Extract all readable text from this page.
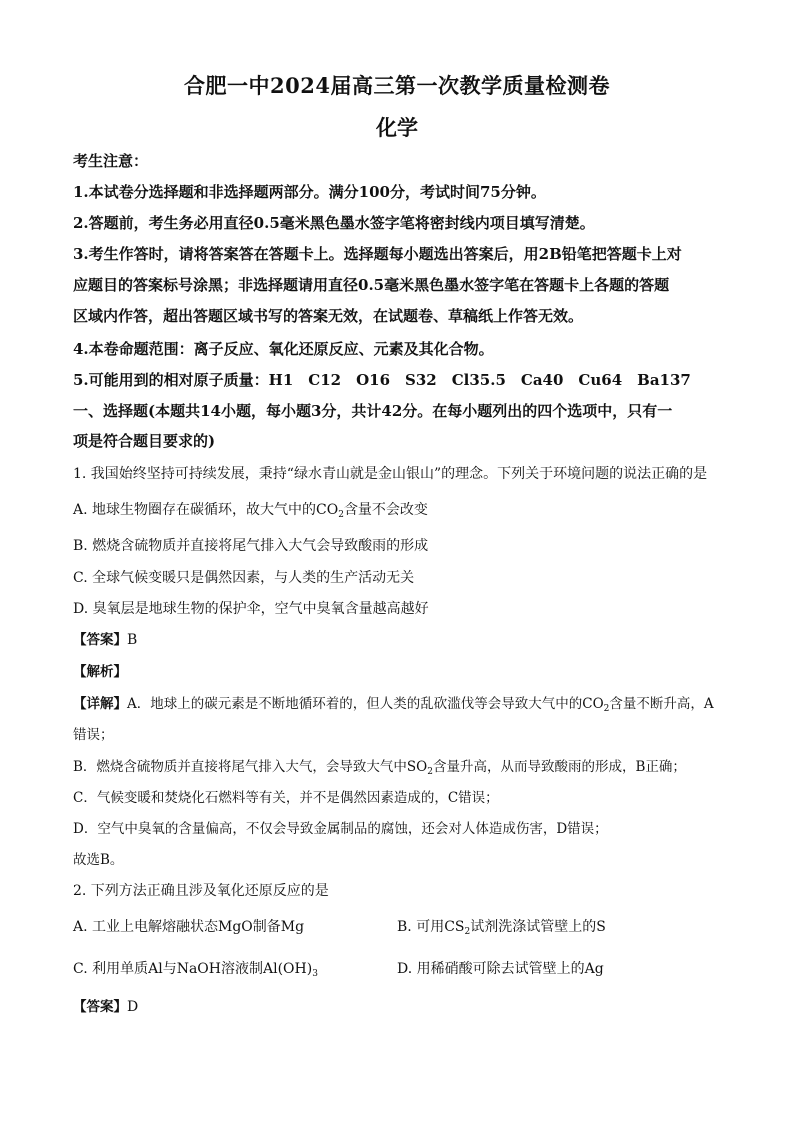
合肥一中2024届高三第一次教学质量检测卷
化学
考生注意：
1.本试卷分选择题和非选择题两部分。满分100分，考试时间75分钟。
2.答题前，考生务必用直径0.5毫米黑色墨水签字笔将密封线内项目填写清楚。
3.考生作答时，请将答案答在答题卡上。选择题每小题选出答案后，用2B铅笔把答题卡上对
应题目的答案标号涂黑；非选择题请用直径0.5毫米黑色墨水签字笔在答题卡上各题的答题
区域内作答，超出答题区域书写的答案无效，在试题卷、草稿纸上作答无效。
4.本卷命题范围：离子反应、氧化还原反应、元素及其化合物。
5.可能用到的相对原子质量：H1　C12　O16　S32　Cl35.5　Ca40　Cu64　Ba137
一、选择题(本题共14小题，每小题3分，共计42分。在每小题列出的四个选项中，只有一
项是符合题目要求的)
1. 我国始终坚持可持续发展，秉持“绿水青山就是金山银山”的理念。下列关于环境问题的说法正确的是
A. 地球生物圈存在碳循环，故大气中的$CO_2$含量不会改变
B. 燃烧含硫物质并直接将尾气排入大气会导致酸雨的形成
C. 全球气候变暖只是偶然因素，与人类的生产活动无关
D. 臭氧层是地球生物的保护伞，空气中臭氧含量越高越好
【答案】B
【解析】
【详解】A．地球上的碳元素是不断地循环着的，但人类的乱砍滥伐等会导致大气中的$CO_2$含量不断升高，A
错误；
B．燃烧含硫物质并直接将尾气排入大气，会导致大气中$SO_2$含量升高，从而导致酸雨的形成，B正确；
C．气候变暖和焚烧化石燃料等有关，并不是偶然因素造成的，C错误；
D．空气中臭氧的含量偏高，不仅会导致金属制品的腐蚀，还会对人体造成伤害，D错误；
故选B。
2. 下列方法正确且涉及氧化还原反应的是
A. 工业上电解熔融状态MgO制备Mg	B. 可用$CS_2$试剂洗涤试管壁上的S
C. 利用单质Al与NaOH溶液制$Al(OH)_3$	D. 用稀硝酸可除去试管壁上的Ag
【答案】D
